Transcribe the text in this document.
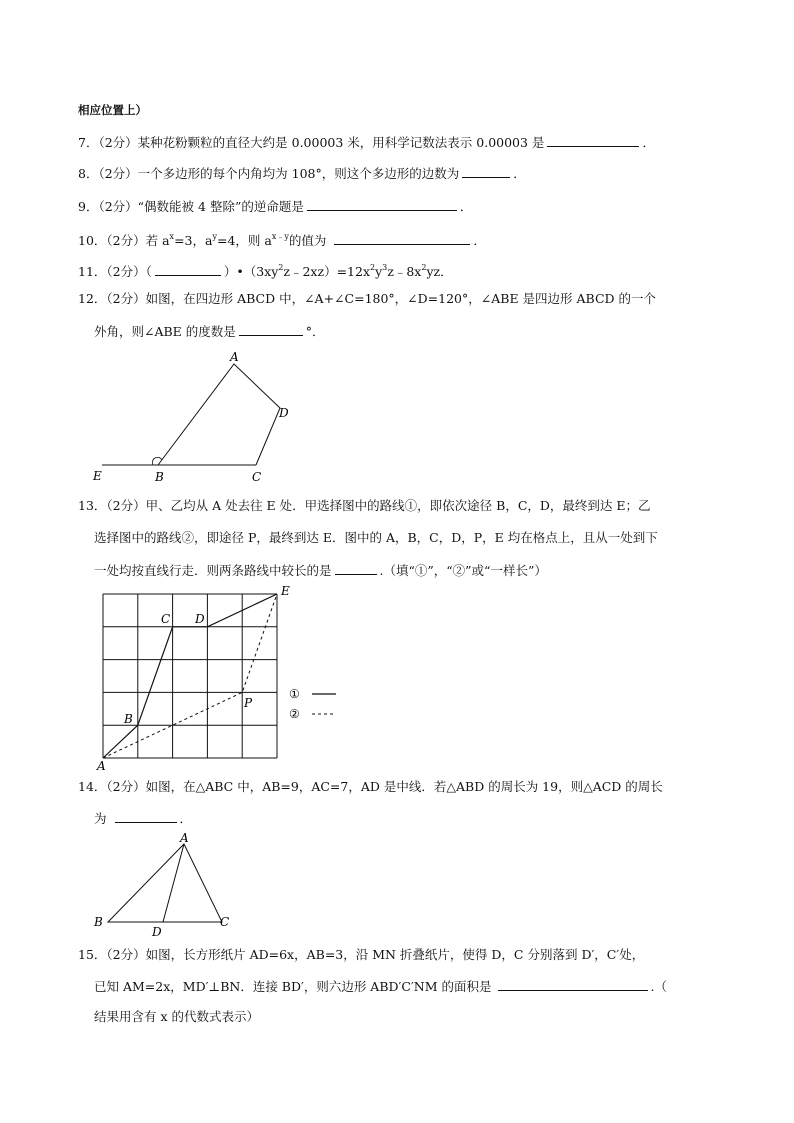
相应位置上）
7．（2分）某种花粉颗粒的直径大约是 0.00003 米，用科学记数法表示 0.00003 是	．
8．（2分）一个多边形的每个内角均为 108°，则这个多边形的边数为	．
9．（2分）“偶数能被 4 整除”的逆命题是	．
10．（2分）若 $a^x=3$，$a^y=4$，则 $a^{x﹣y}$的值为	．
11．（2分）（	）$•(3xy^2z﹣2xz)=12x^2y^3z﹣8x^2yz$．
12．（2分）如图，在四边形 ABCD 中，∠A+∠C=180°，∠D=120°，∠ABE 是四边形 ABCD 的一个
外角，则∠ABE 的度数是	°．
A
D
E	B	C
13．（2分）甲、乙均从 A 处去往 E 处．甲选择图中的路线①，即依次途径 B，C，D，最终到达 E；乙
选择图中的路线②，即途径 P，最终到达 E．图中的 A，B，C，D，P，E 均在格点上，且从一处到下
一处均按直线行走．则两条路线中较长的是	.（填“①”，“②”或“一样长”）
A
B
C D
P
E
①
②
14．（2分）如图，在△ABC 中，AB=9，AC=7，AD 是中线．若△ABD 的周长为 19，则△ACD 的周长
为	．
A
B	C
D
15．（2分）如图，长方形纸片 AD=6x，AB=3，沿 MN 折叠纸片，使得 D，C 分别落到 D′，C′处，
已知 AM=2x，MD′⊥BN．连接 BD′，则六边形 ABD′C′NM 的面积是	.（
结果用含有 x 的代数式表示）
